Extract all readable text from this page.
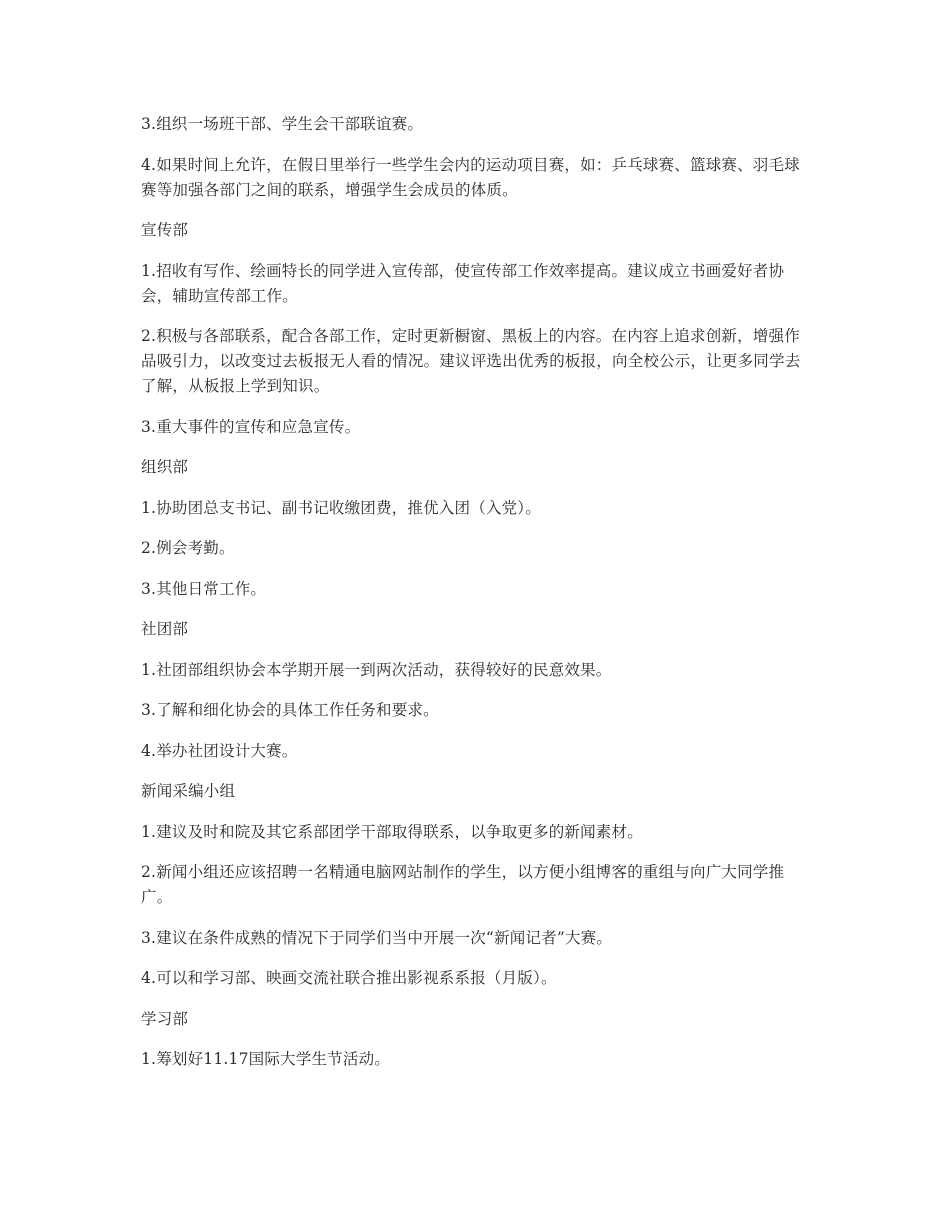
3.组织一场班干部、学生会干部联谊赛。

4.如果时间上允许，在假日里举行一些学生会内的运动项目赛，如：乒乓球赛、篮球赛、羽毛球赛等加强各部门之间的联系，增强学生会成员的体质。

宣传部

1.招收有写作、绘画特长的同学进入宣传部，使宣传部工作效率提高。建议成立书画爱好者协会，辅助宣传部工作。

2.积极与各部联系，配合各部工作，定时更新橱窗、黑板上的内容。在内容上追求创新，增强作品吸引力，以改变过去板报无人看的情况。建议评选出优秀的板报，向全校公示，让更多同学去了解，从板报上学到知识。

3.重大事件的宣传和应急宣传。

组织部

1.协助团总支书记、副书记收缴团费，推优入团（入党）。

2.例会考勤。

3.其他日常工作。

社团部

1.社团部组织协会本学期开展一到两次活动，获得较好的民意效果。

3.了解和细化协会的具体工作任务和要求。

4.举办社团设计大赛。

新闻采编小组

1.建议及时和院及其它系部团学干部取得联系，以争取更多的新闻素材。

2.新闻小组还应该招聘一名精通电脑网站制作的学生，以方便小组博客的重组与向广大同学推广。

3.建议在条件成熟的情况下于同学们当中开展一次“新闻记者”大赛。

4.可以和学习部、映画交流社联合推出影视系系报（月版）。

学习部

1.筹划好11.17国际大学生节活动。
